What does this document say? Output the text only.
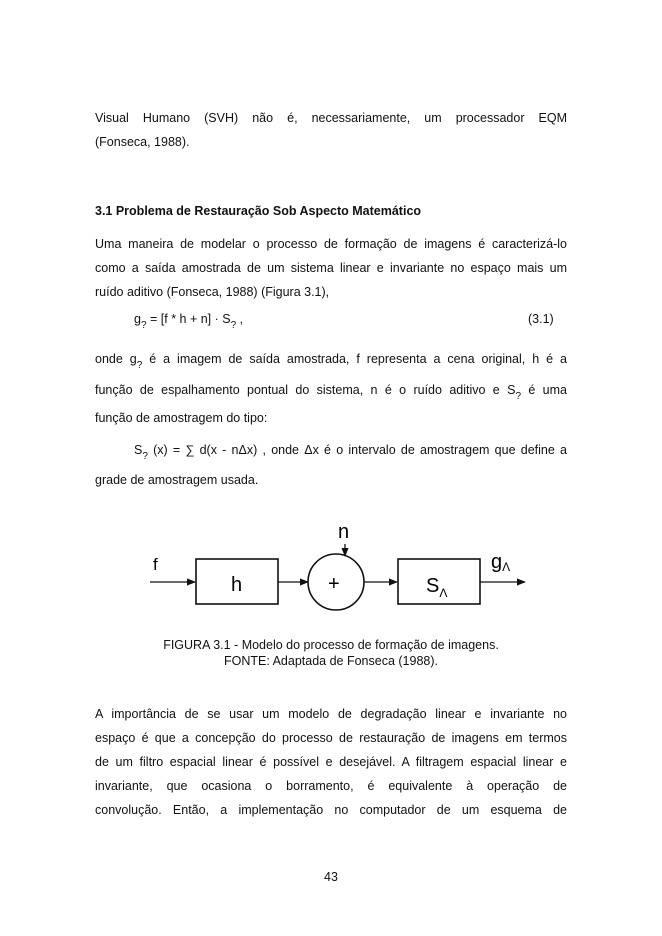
Visual Humano (SVH) não é, necessariamente, um processador EQM

(Fonseca, 1988).

3.1 Problema de Restauração Sob Aspecto Matemático

Uma maneira de modelar o processo de formação de imagens é caracterizá-lo

como a saída amostrada de um sistema linear e invariante no espaço mais um

ruído aditivo (Fonseca, 1988) (Figura 3.1),

$g_? = [f * h + n] \cdot S_?$ ,	(3.1)

onde $g_?$ é a imagem de saída amostrada, f representa a cena original, h é a

função de espalhamento pontual do sistema, n é o ruído aditivo e $S_?$ é uma

função de amostragem do tipo:

$S_?$ (x) = ∑ d(x - nΔx) , onde Δx é o intervalo de amostragem que define a

grade de amostragem usada.

f
h	+
n
$S_\Lambda$
gΛ
FIGURA 3.1 - Modelo do processo de formação de imagens.
FONTE: Adaptada de Fonseca (1988).

A importância de se usar um modelo de degradação linear e invariante no

espaço é que a concepção do processo de restauração de imagens em termos

de um filtro espacial linear é possível e desejável. A filtragem espacial linear e

invariante, que ocasiona o borramento, é equivalente à operação de

convolução. Então, a implementação no computador de um esquema de

43
